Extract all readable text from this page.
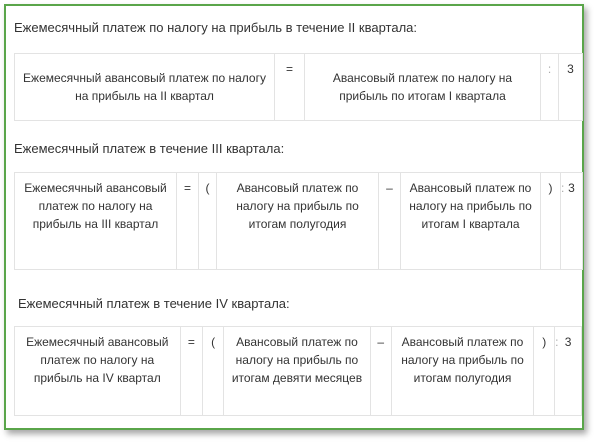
Ежемесячный платеж по налогу на прибыль в течение II квартала:
Ежемесячный авансовый платеж по налогу на прибыль на II квартал	=	Авансовый платеж по налогу на прибыль по итогам I квартала	:	3
Ежемесячный платеж в течение III квартала:
Ежемесячный авансовый платеж по налогу на прибыль на III квартал	=	(	Авансовый платеж по налогу на прибыль по итогам полугодия	–	Авансовый платеж по налогу на прибыль по итогам I квартала	)	:	3
Ежемесячный платеж в течение IV квартала:
Ежемесячный авансовый платеж по налогу на прибыль на IV квартал	=	(	Авансовый платеж по налогу на прибыль по итогам девяти месяцев	–	Авансовый платеж по налогу на прибыль по итогам полугодия	)	:	3
